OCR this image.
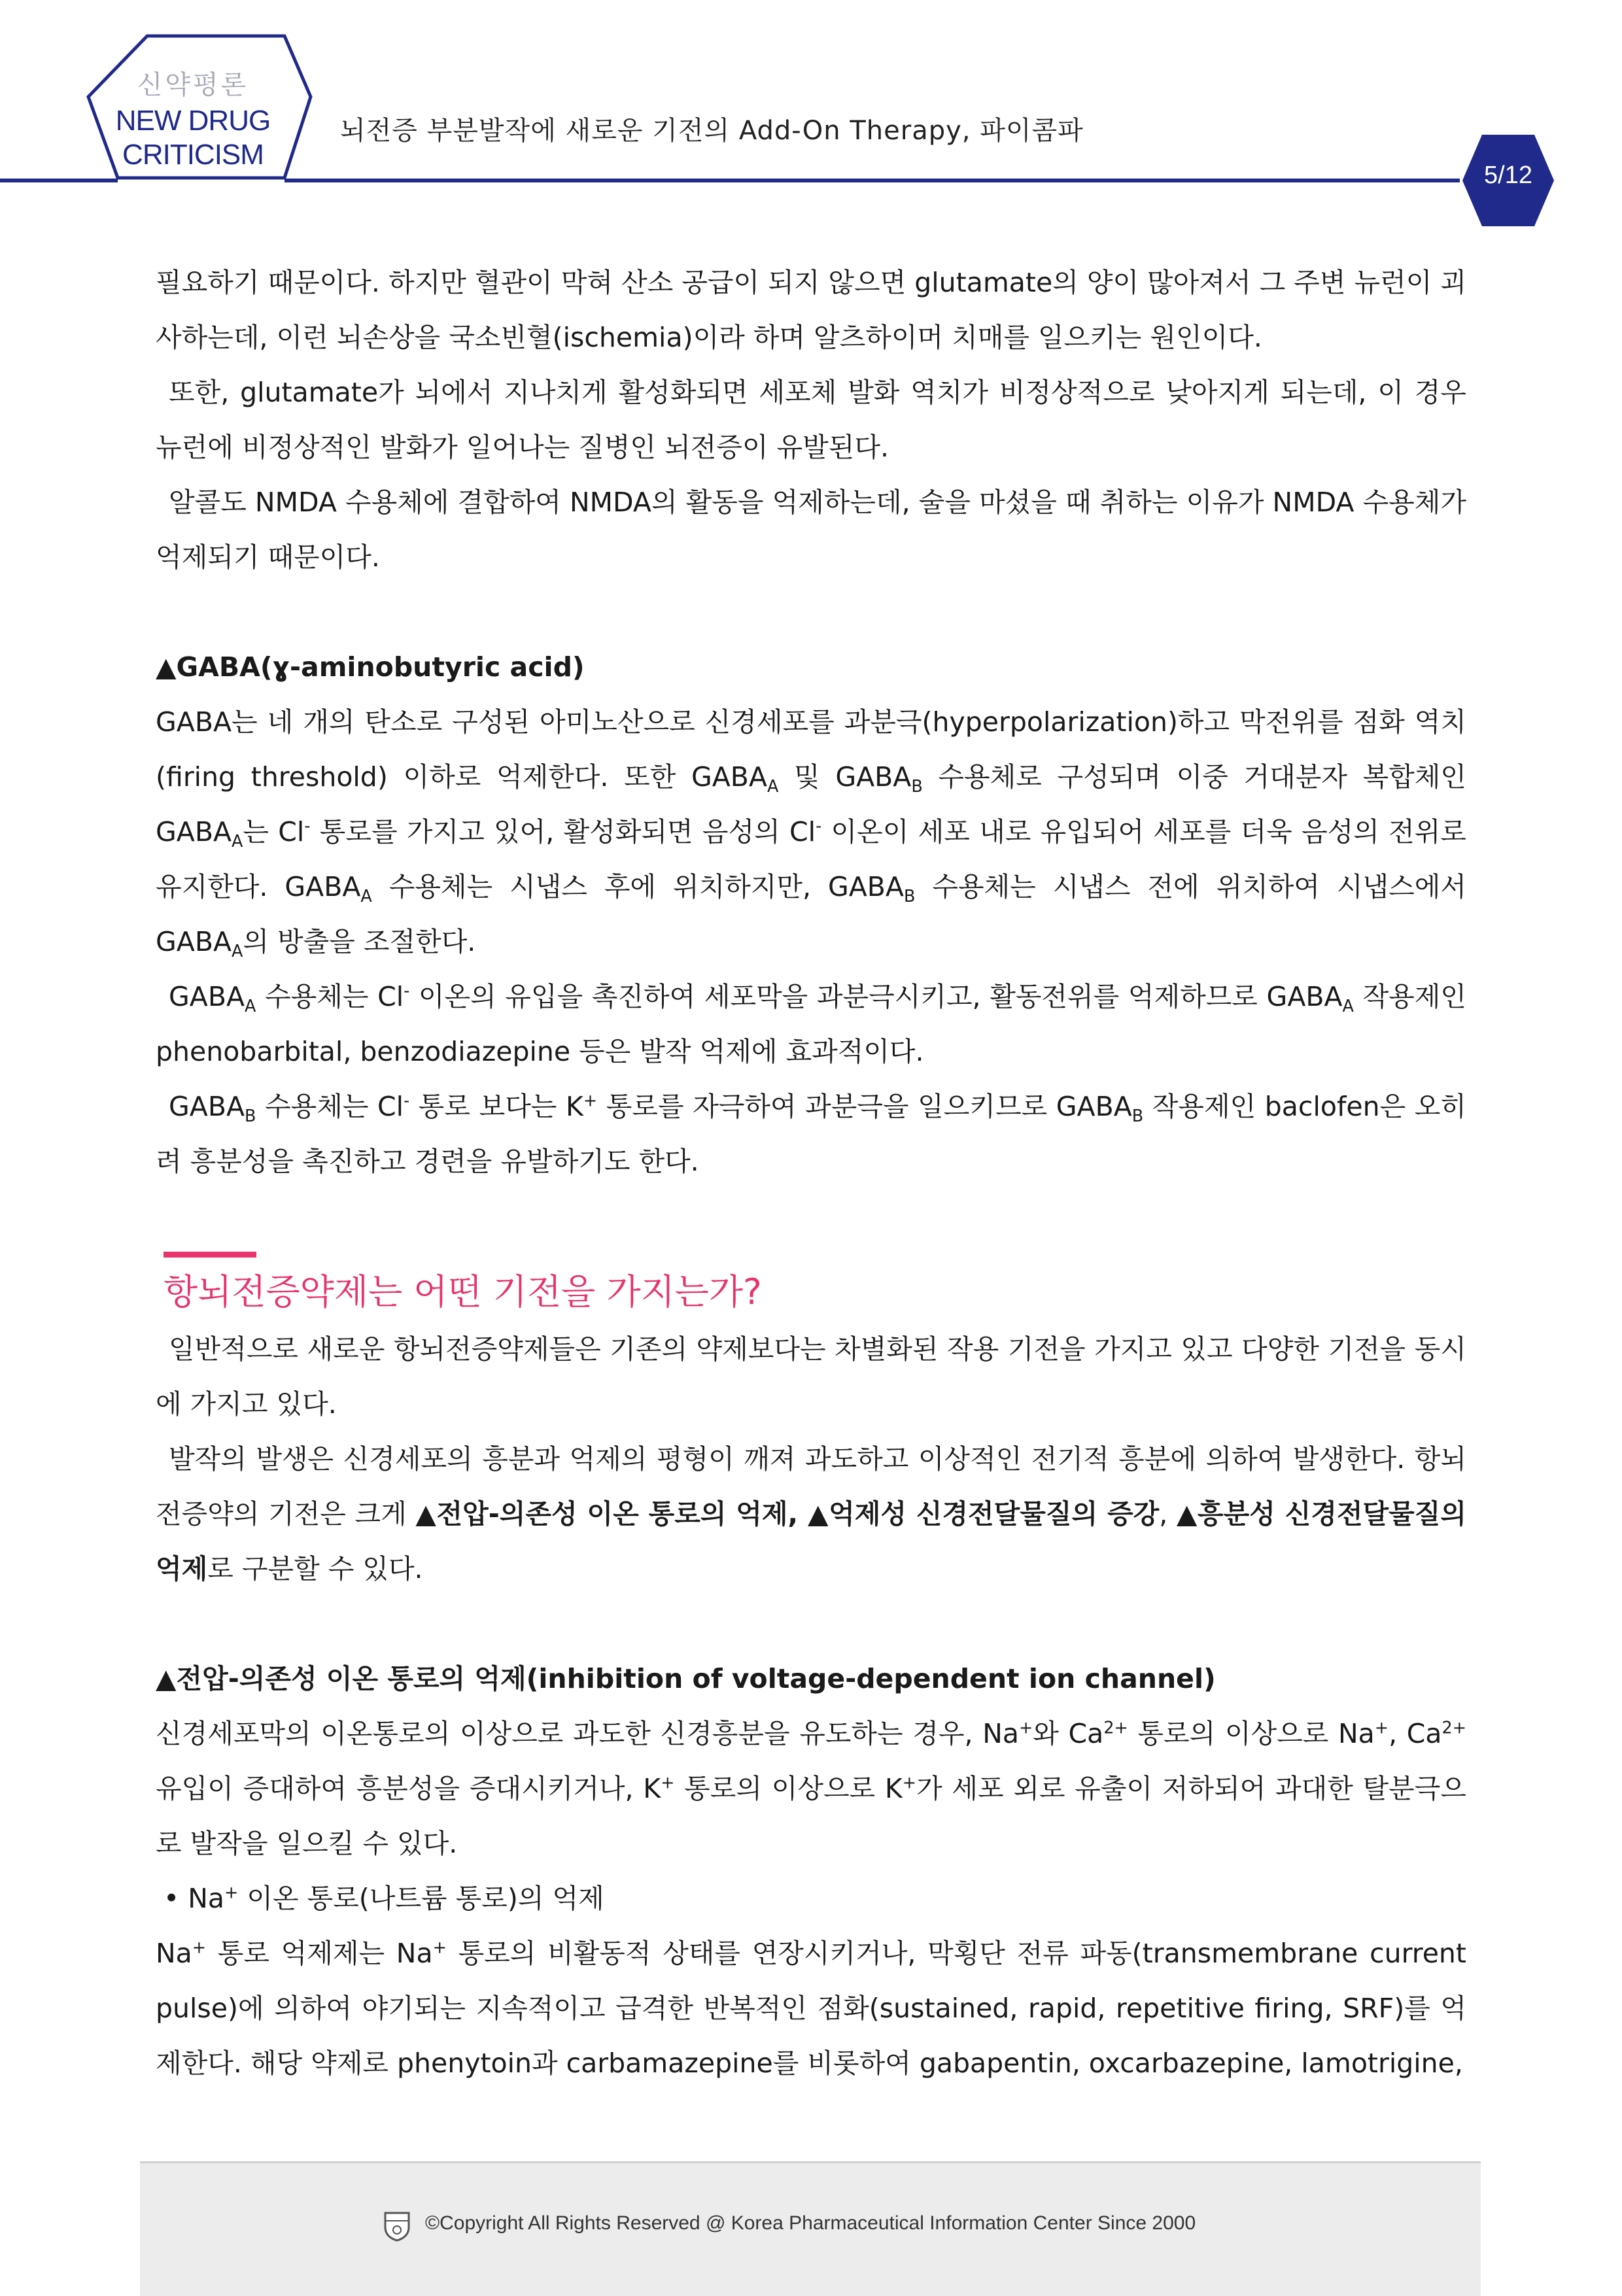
신약평론
NEW DRUG
CRITICISM
뇌전증 부분발작에 새로운 기전의 Add-On Therapy, 파이콤파
5/12

필요하기 때문이다. 하지만 혈관이 막혀 산소 공급이 되지 않으면 glutamate의 양이 많아져서 그 주변 뉴런이 괴사하는데, 이런 뇌손상을 국소빈혈(ischemia)이라 하며 알츠하이머 치매를 일으키는 원인이다.

또한, glutamate가 뇌에서 지나치게 활성화되면 세포체 발화 역치가 비정상적으로 낮아지게 되는데, 이 경우 뉴런에 비정상적인 발화가 일어나는 질병인 뇌전증이 유발된다.

알콜도 NMDA 수용체에 결합하여 NMDA의 활동을 억제하는데, 술을 마셨을 때 취하는 이유가 NMDA 수용체가 억제되기 때문이다.

▲GABA(ɣ-aminobutyric acid)

GABA는 네 개의 탄소로 구성된 아미노산으로 신경세포를 과분극(hyperpolarization)하고 막전위를 점화 역치(firing threshold) 이하로 억제한다. 또한 $GABA_A$ 및 $GABA_B$ 수용체로 구성되며 이중 거대분자 복합체인 $GABA_A$는 Cl- 통로를 가지고 있어, 활성화되면 음성의 Cl- 이온이 세포 내로 유입되어 세포를 더욱 음성의 전위로 유지한다. $GABA_A$ 수용체는 시냅스 후에 위치하지만, $GABA_B$ 수용체는 시냅스 전에 위치하여 시냅스에서 $GABA_A$의 방출을 조절한다.

$GABA_A$ 수용체는 Cl- 이온의 유입을 촉진하여 세포막을 과분극시키고, 활동전위를 억제하므로 $GABA_A$ 작용제인 phenobarbital, benzodiazepine 등은 발작 억제에 효과적이다.

$GABA_B$ 수용체는 Cl- 통로 보다는 K+ 통로를 자극하여 과분극을 일으키므로 $GABA_B$ 작용제인 baclofen은 오히려 흥분성을 촉진하고 경련을 유발하기도 한다.

항뇌전증약제는 어떤 기전을 가지는가?

일반적으로 새로운 항뇌전증약제들은 기존의 약제보다는 차별화된 작용 기전을 가지고 있고 다양한 기전을 동시에 가지고 있다.

발작의 발생은 신경세포의 흥분과 억제의 평형이 깨져 과도하고 이상적인 전기적 흥분에 의하여 발생한다. 항뇌전증약의 기전은 크게 ▲전압-의존성 이온 통로의 억제, ▲억제성 신경전달물질의 증강, ▲흥분성 신경전달물질의 억제로 구분할 수 있다.

▲전압-의존성 이온 통로의 억제(inhibition of voltage-dependent ion channel)

신경세포막의 이온통로의 이상으로 과도한 신경흥분을 유도하는 경우, Na+와 $Ca^{2+}$ 통로의 이상으로 Na+, $Ca^{2+}$ 유입이 증대하여 흥분성을 증대시키거나, K+ 통로의 이상으로 K+가 세포 외로 유출이 저하되어 과대한 탈분극으로 발작을 일으킬 수 있다.

• Na+ 이온 통로(나트륨 통로)의 억제

Na+ 통로 억제제는 Na+ 통로의 비활동적 상태를 연장시키거나, 막횡단 전류 파동(transmembrane current pulse)에 의하여 야기되는 지속적이고 급격한 반복적인 점화(sustained, rapid, repetitive firing, SRF)를 억제한다. 해당 약제로 phenytoin과 carbamazepine를 비롯하여 gabapentin, oxcarbazepine, lamotrigine,

©Copyright All Rights Reserved @ Korea Pharmaceutical Information Center Since 2000
